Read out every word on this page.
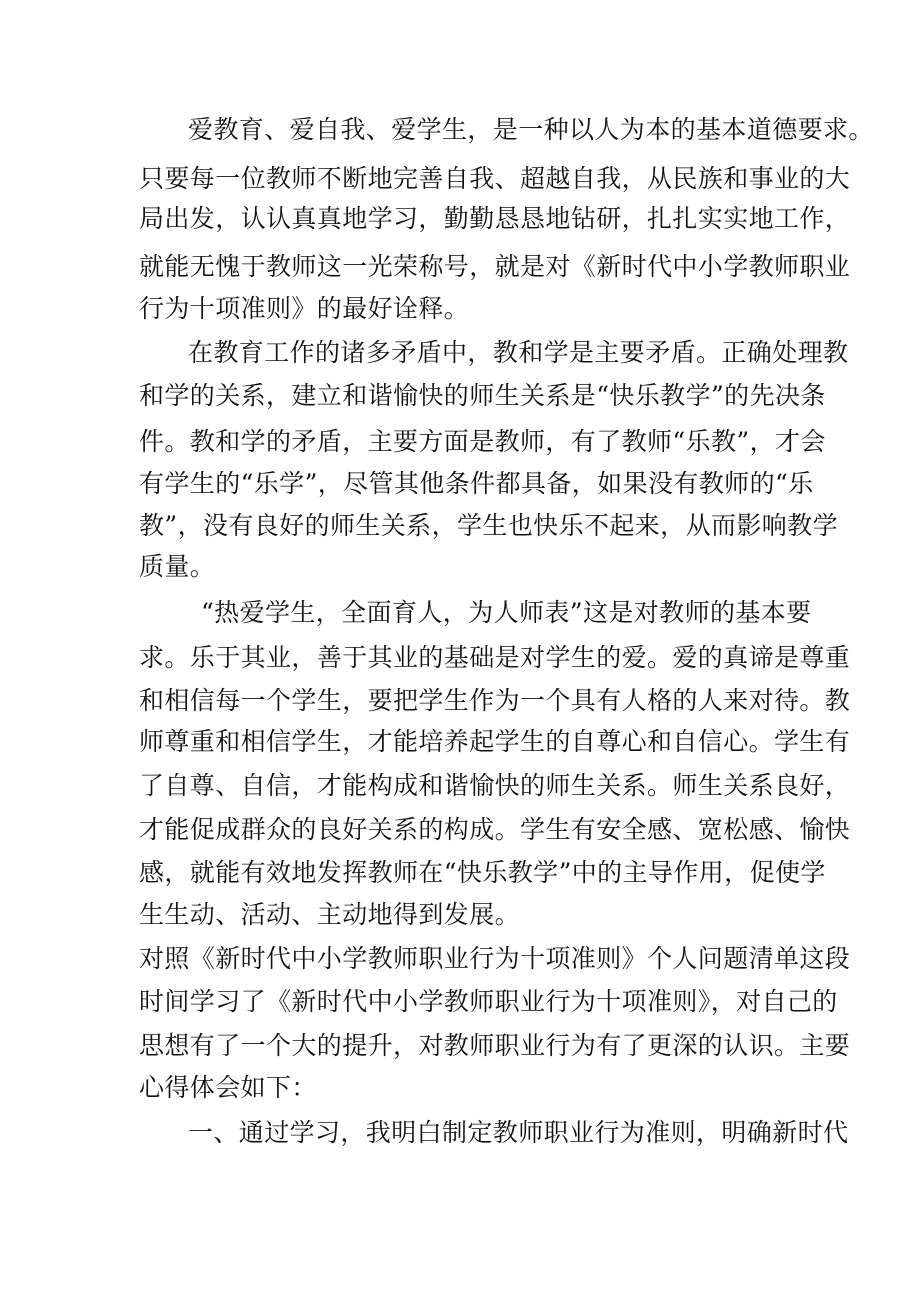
爱教育、爱自我、爱学生，是一种以人为本的基本道德要求。
只要每一位教师不断地完善自我、超越自我，从民族和事业的大
局出发，认认真真地学习，勤勤恳恳地钻研，扎扎实实地工作，
就能无愧于教师这一光荣称号，就是对《新时代中小学教师职业
行为十项准则》的最好诠释。
在教育工作的诸多矛盾中，教和学是主要矛盾。正确处理教
和学的关系，建立和谐愉快的师生关系是“快乐教学”的先决条
件。教和学的矛盾，主要方面是教师，有了教师“乐教”，才会
有学生的“乐学”，尽管其他条件都具备，如果没有教师的“乐
教”，没有良好的师生关系，学生也快乐不起来，从而影响教学
质量。
“热爱学生，全面育人，为人师表”这是对教师的基本要
求。乐于其业，善于其业的基础是对学生的爱。爱的真谛是尊重
和相信每一个学生，要把学生作为一个具有人格的人来对待。教
师尊重和相信学生，才能培养起学生的自尊心和自信心。学生有
了自尊、自信，才能构成和谐愉快的师生关系。师生关系良好，
才能促成群众的良好关系的构成。学生有安全感、宽松感、愉快
感，就能有效地发挥教师在“快乐教学”中的主导作用，促使学
生生动、活动、主动地得到发展。
对照《新时代中小学教师职业行为十项准则》个人问题清单这段
时间学习了《新时代中小学教师职业行为十项准则》，对自己的
思想有了一个大的提升，对教师职业行为有了更深的认识。主要
心得体会如下：
一、通过学习，我明白制定教师职业行为准则，明确新时代
